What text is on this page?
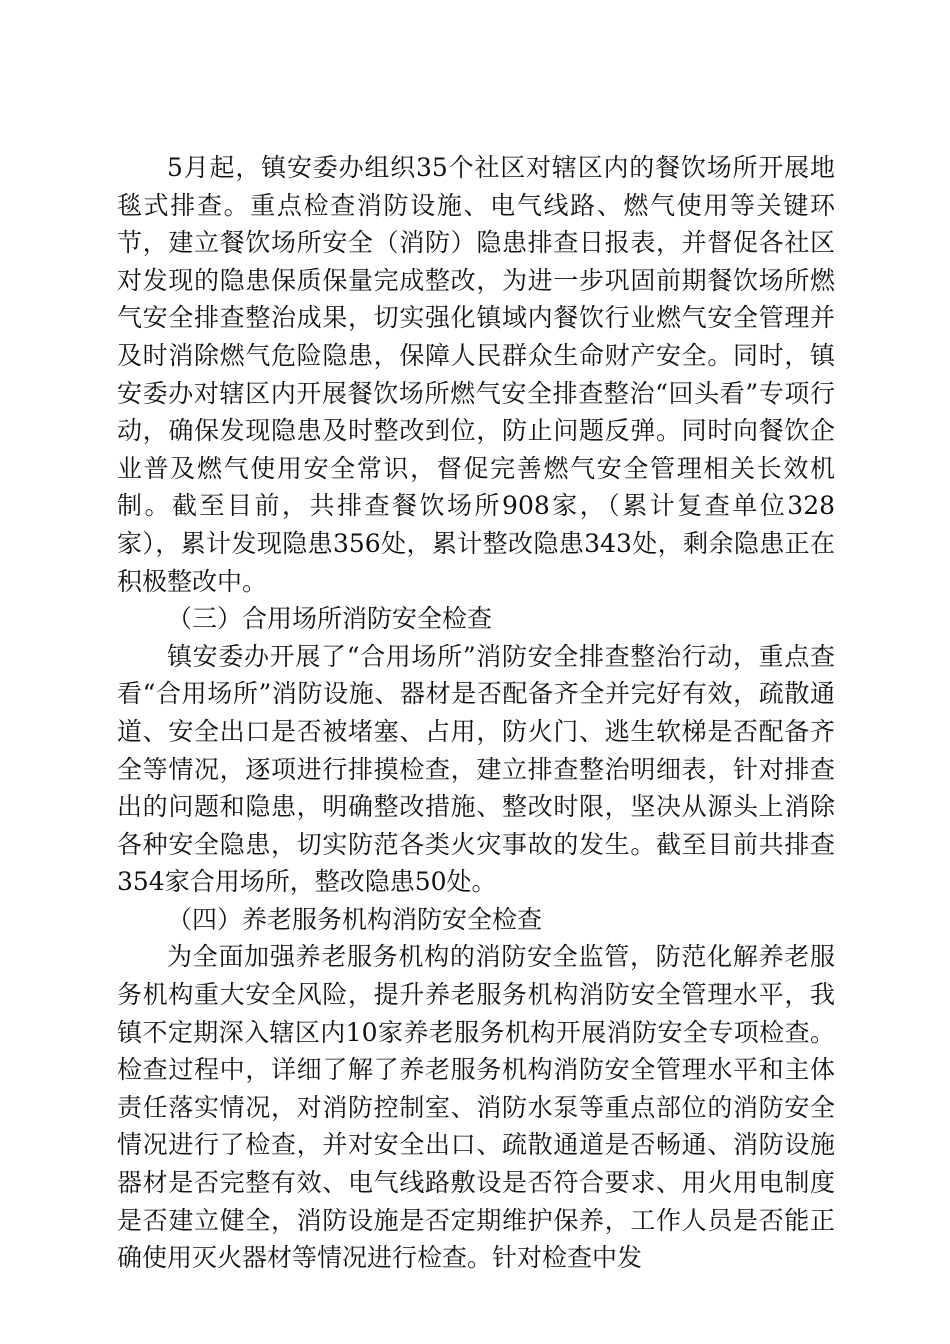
5月起，镇安委办组织35个社区对辖区内的餐饮场所开展地毯式排查。重点检查消防设施、电气线路、燃气使用等关键环节，建立餐饮场所安全（消防）隐患排查日报表，并督促各社区对发现的隐患保质保量完成整改，为进一步巩固前期餐饮场所燃气安全排查整治成果，切实强化镇域内餐饮行业燃气安全管理并及时消除燃气危险隐患，保障人民群众生命财产安全。同时，镇安委办对辖区内开展餐饮场所燃气安全排查整治“回头看”专项行动，确保发现隐患及时整改到位，防止问题反弹。同时向餐饮企业普及燃气使用安全常识，督促完善燃气安全管理相关长效机制。截至目前，共排查餐饮场所908家，（累计复查单位328家），累计发现隐患356处，累计整改隐患343处，剩余隐患正在积极整改中。

（三）合用场所消防安全检查

镇安委办开展了“合用场所”消防安全排查整治行动，重点查看“合用场所”消防设施、器材是否配备齐全并完好有效，疏散通道、安全出口是否被堵塞、占用，防火门、逃生软梯是否配备齐全等情况，逐项进行排摸检查，建立排查整治明细表，针对排查出的问题和隐患，明确整改措施、整改时限，坚决从源头上消除各种安全隐患，切实防范各类火灾事故的发生。截至目前共排查354家合用场所，整改隐患50处。

（四）养老服务机构消防安全检查

为全面加强养老服务机构的消防安全监管，防范化解养老服务机构重大安全风险，提升养老服务机构消防安全管理水平，我镇不定期深入辖区内10家养老服务机构开展消防安全专项检查。检查过程中，详细了解了养老服务机构消防安全管理水平和主体责任落实情况，对消防控制室、消防水泵等重点部位的消防安全情况进行了检查，并对安全出口、疏散通道是否畅通、消防设施器材是否完整有效、电气线路敷设是否符合要求、用火用电制度是否建立健全，消防设施是否定期维护保养，工作人员是否能正确使用灭火器材等情况进行检查。针对检查中发
